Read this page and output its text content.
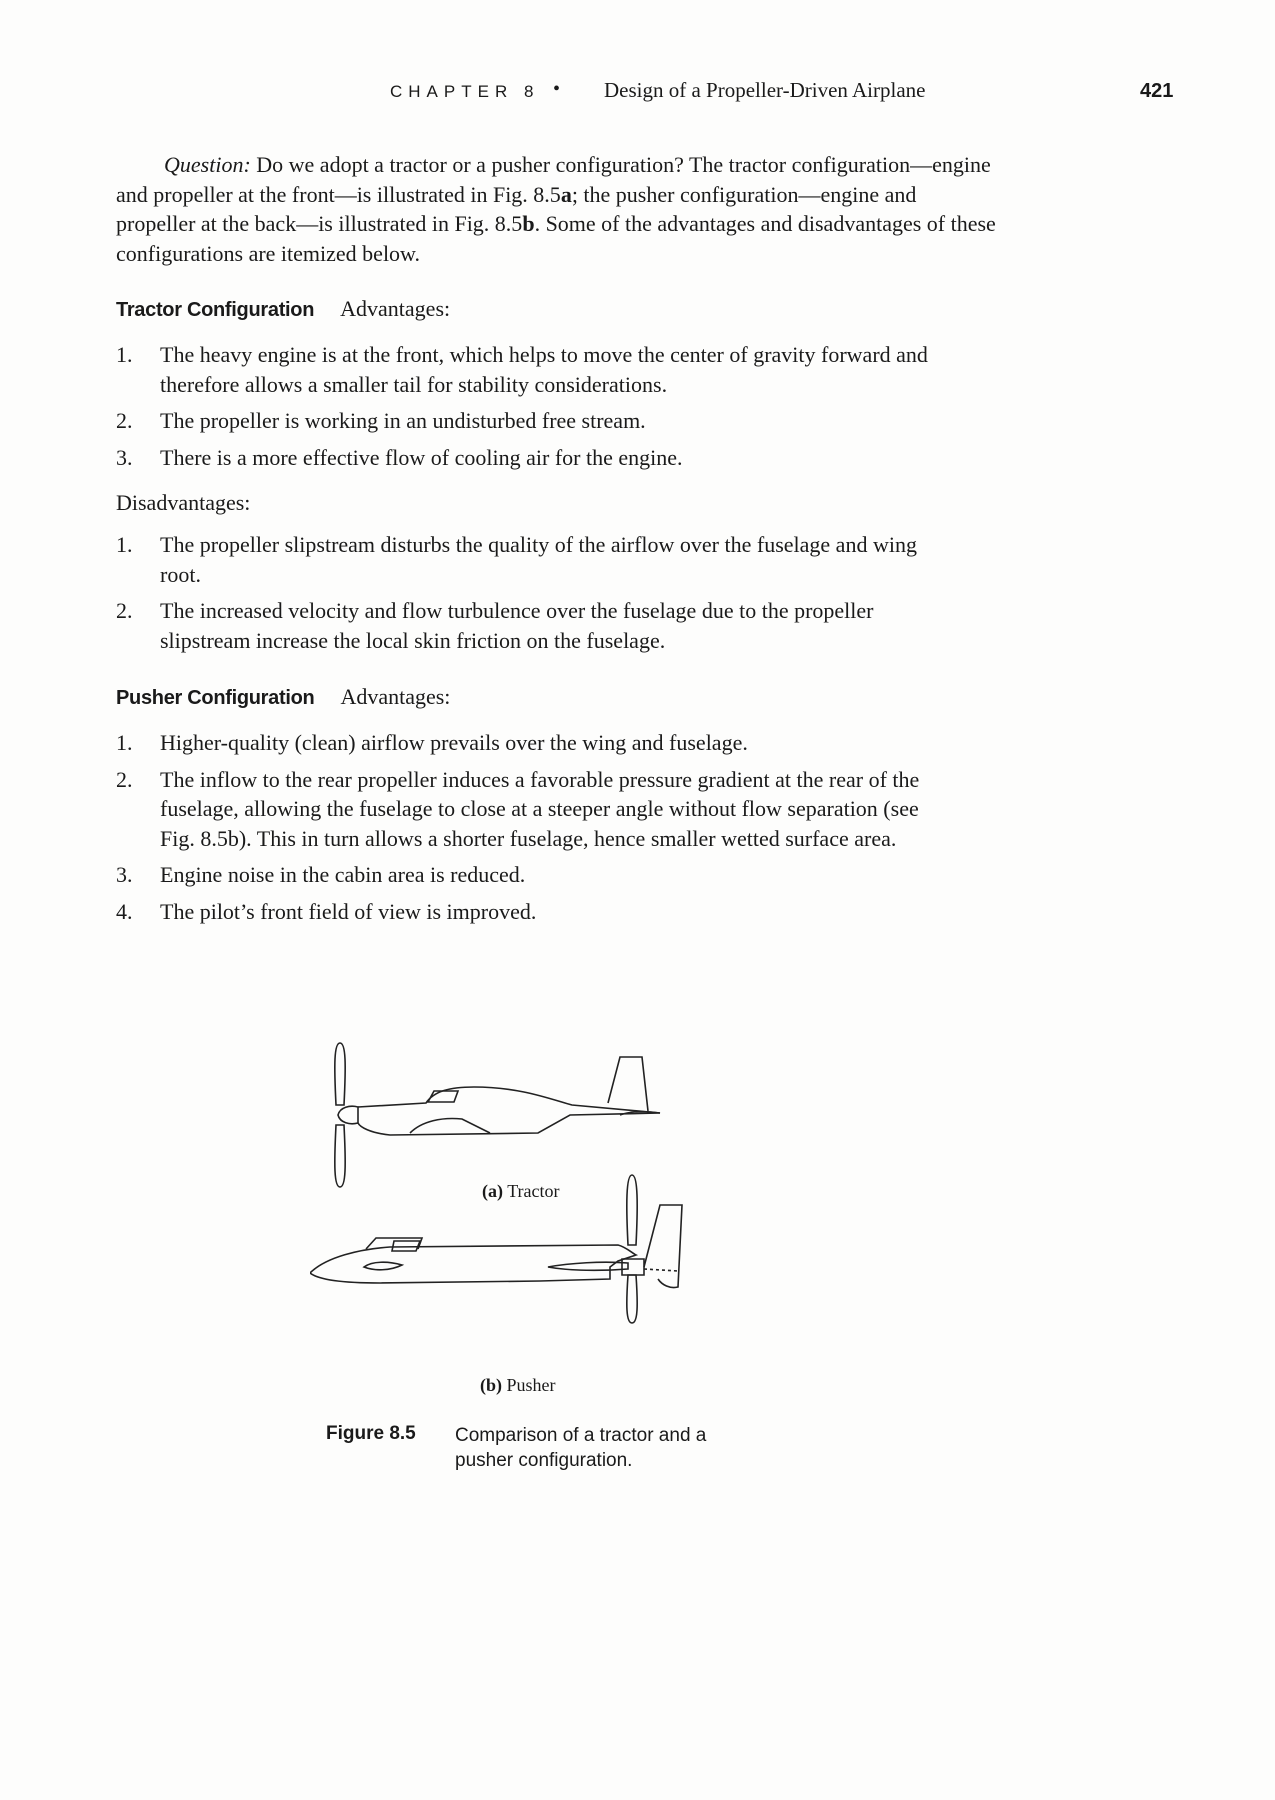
CHAPTER 8 • Design of a Propeller-Driven Airplane	421

Question: Do we adopt a tractor or a pusher configuration? The tractor configuration—engine and propeller at the front—is illustrated in Fig. 8.5a; the pusher configuration—engine and propeller at the back—is illustrated in Fig. 8.5b. Some of the advantages and disadvantages of these configurations are itemized below.

Tractor Configuration Advantages:
1. The heavy engine is at the front, which helps to move the center of gravity forward and therefore allows a smaller tail for stability considerations.
2. The propeller is working in an undisturbed free stream.
3. There is a more effective flow of cooling air for the engine.
Disadvantages:
1. The propeller slipstream disturbs the quality of the airflow over the fuselage and wing root.
2. The increased velocity and flow turbulence over the fuselage due to the propeller slipstream increase the local skin friction on the fuselage.
Pusher Configuration Advantages:
1. Higher-quality (clean) airflow prevails over the wing and fuselage.
2. The inflow to the rear propeller induces a favorable pressure gradient at the rear of the fuselage, allowing the fuselage to close at a steeper angle without flow separation (see Fig. 8.5b). This in turn allows a shorter fuselage, hence smaller wetted surface area.
3. Engine noise in the cabin area is reduced.
4. The pilot’s front field of view is improved.
(a) Tractor
(b) Pusher
Figure 8.5 Comparison of a tractor and a pusher configuration.
